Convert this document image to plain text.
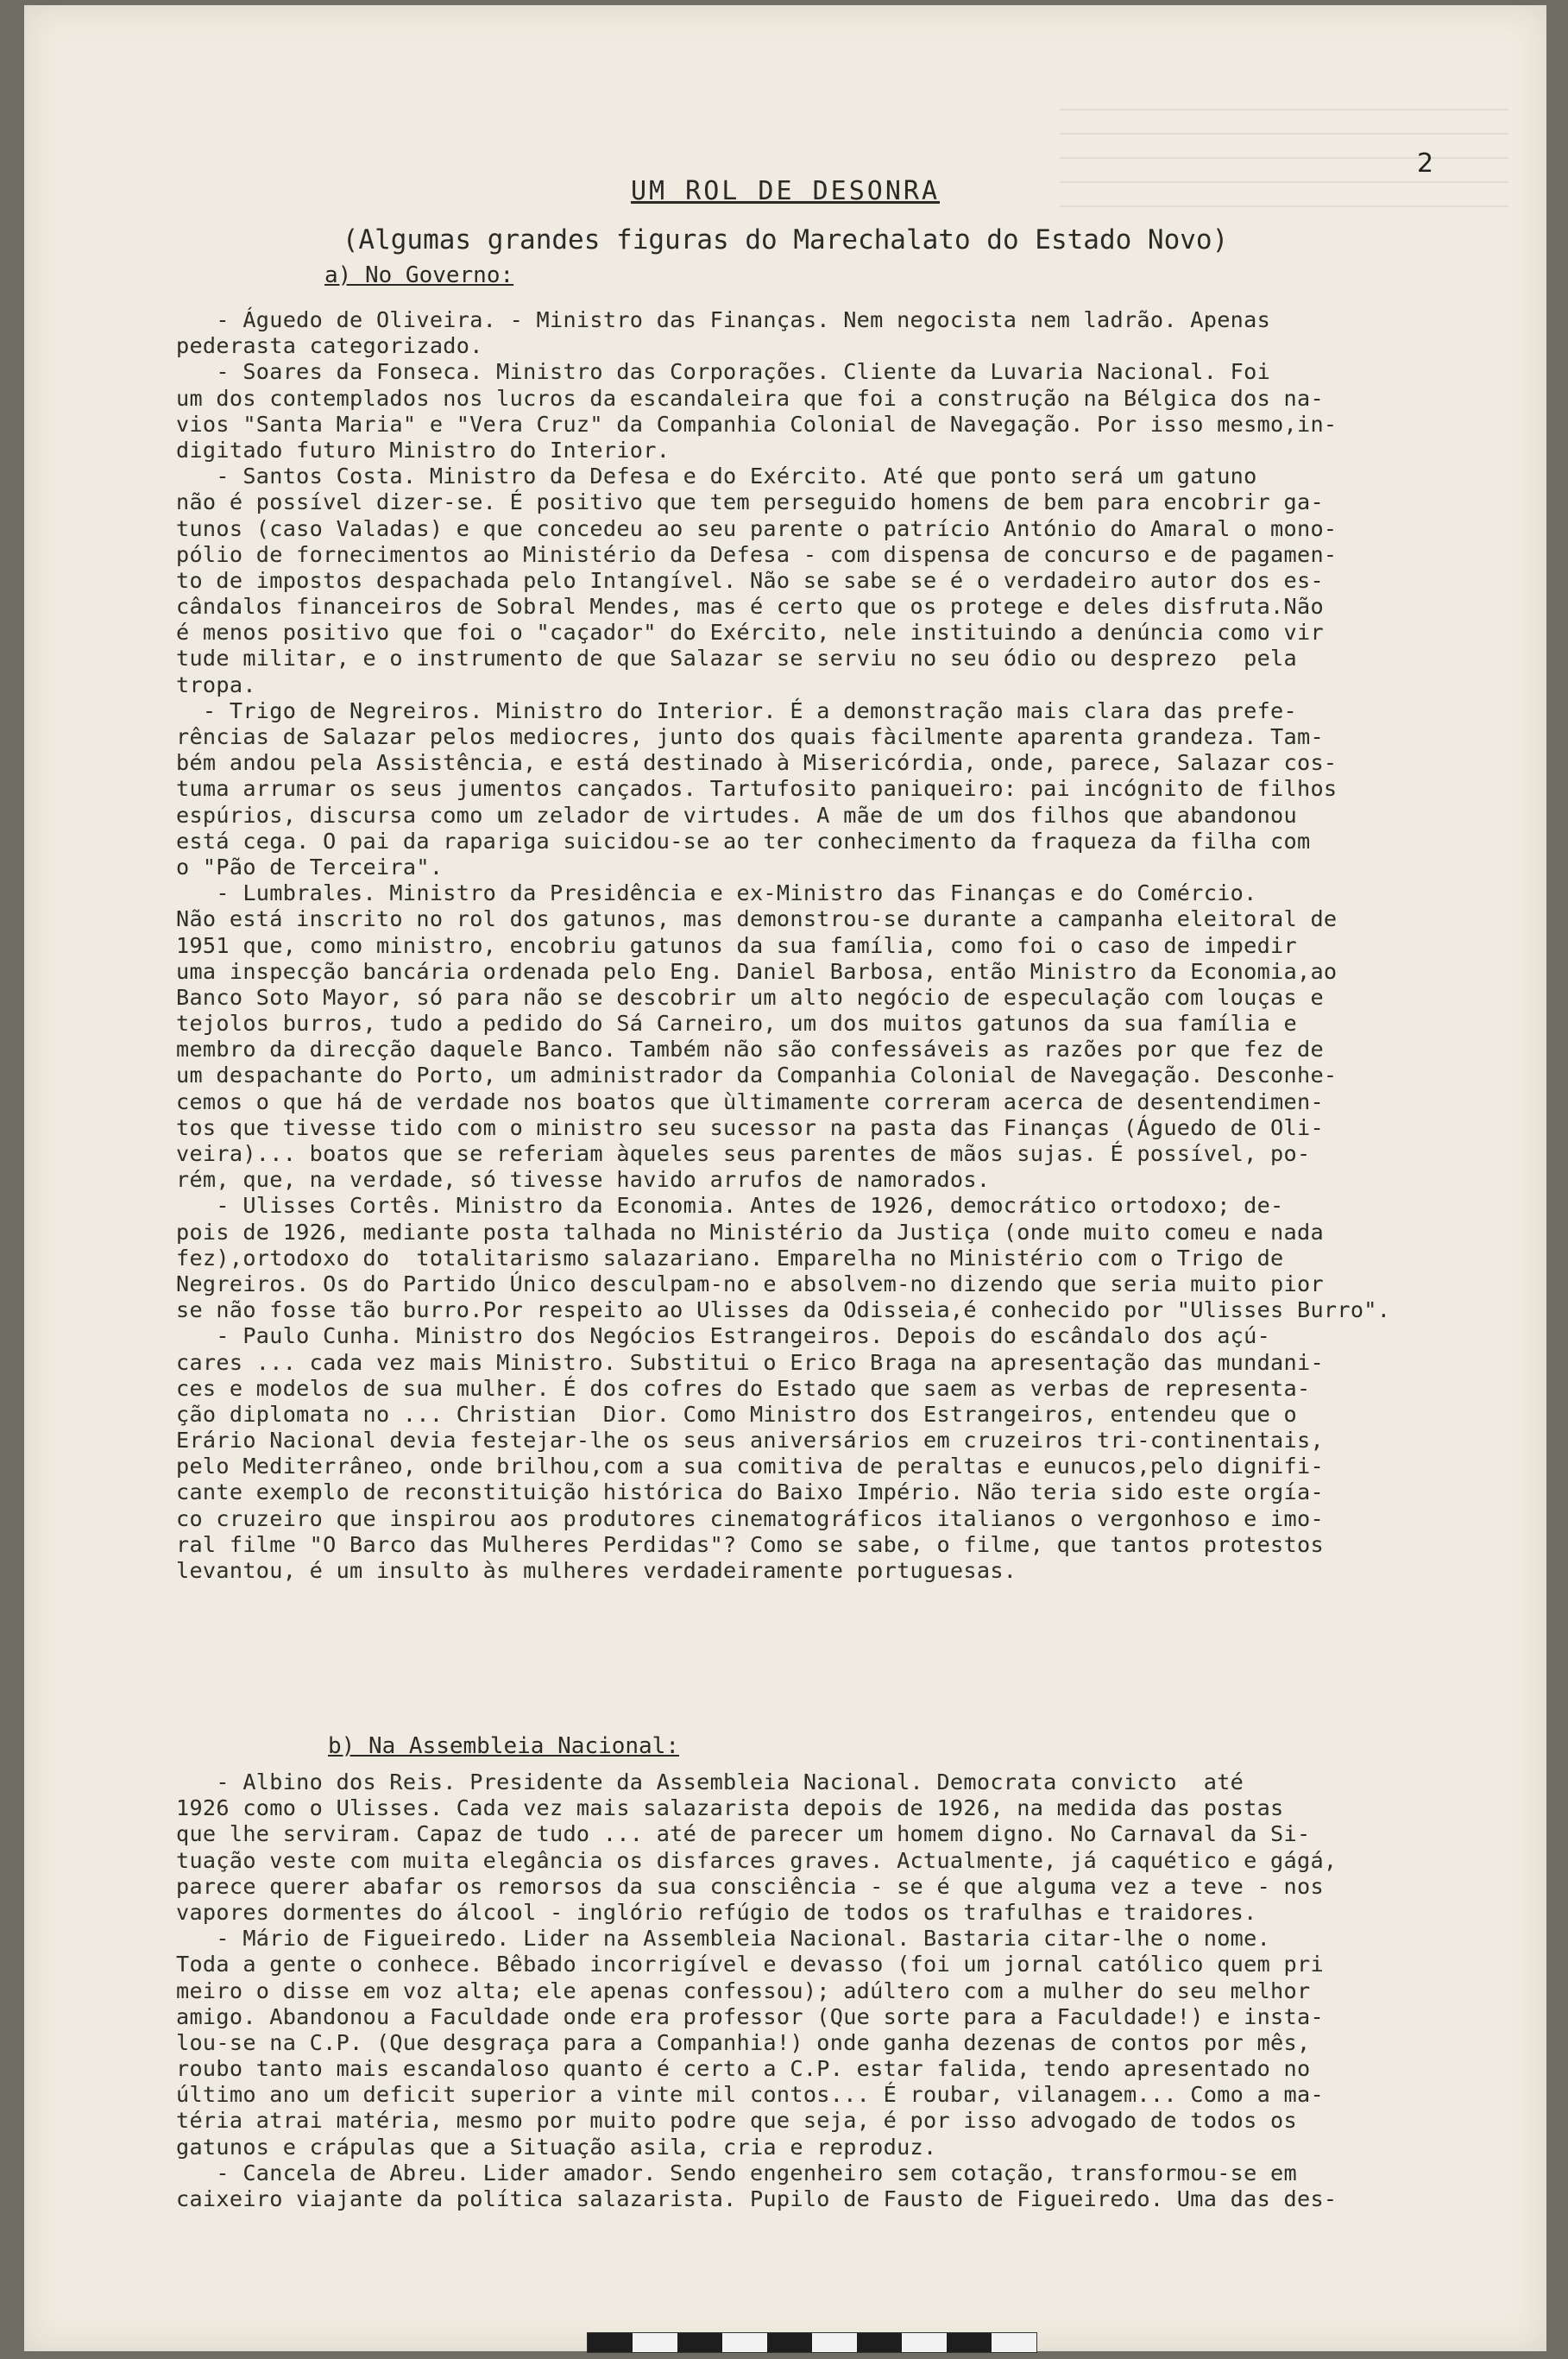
2
UM ROL DE DESONRA
(Algumas grandes figuras do Marechalato do Estado Novo)
a) No Governo:
- Águedo de Oliveira. - Ministro das Finanças. Nem negocista nem ladrão. Apenas
pederasta categorizado.
- Soares da Fonseca. Ministro das Corporações. Cliente da Luvaria Nacional. Foi
um dos contemplados nos lucros da escandaleira que foi a construção na Bélgica dos na-
vios "Santa Maria" e "Vera Cruz" da Companhia Colonial de Navegação. Por isso mesmo,in-
digitado futuro Ministro do Interior.
- Santos Costa. Ministro da Defesa e do Exército. Até que ponto será um gatuno
não é possível dizer-se. É positivo que tem perseguido homens de bem para encobrir ga-
tunos (caso Valadas) e que concedeu ao seu parente o patrício António do Amaral o mono-
pólio de fornecimentos ao Ministério da Defesa - com dispensa de concurso e de pagamen-
to de impostos despachada pelo Intangível. Não se sabe se é o verdadeiro autor dos es-
cândalos financeiros de Sobral Mendes, mas é certo que os protege e deles disfruta.Não
é menos positivo que foi o "caçador" do Exército, nele instituindo a denúncia como vir
tude militar, e o instrumento de que Salazar se serviu no seu ódio ou desprezo  pela
tropa.
- Trigo de Negreiros. Ministro do Interior. É a demonstração mais clara das prefe-
rências de Salazar pelos mediocres, junto dos quais fàcilmente aparenta grandeza. Tam-
bém andou pela Assistência, e está destinado à Misericórdia, onde, parece, Salazar cos-
tuma arrumar os seus jumentos cançados. Tartufosito paniqueiro: pai incógnito de filhos
espúrios, discursa como um zelador de virtudes. A mãe de um dos filhos que abandonou
está cega. O pai da rapariga suicidou-se ao ter conhecimento da fraqueza da filha com
o "Pão de Terceira".
- Lumbrales. Ministro da Presidência e ex-Ministro das Finanças e do Comércio.
Não está inscrito no rol dos gatunos, mas demonstrou-se durante a campanha eleitoral de
1951 que, como ministro, encobriu gatunos da sua família, como foi o caso de impedir
uma inspecção bancária ordenada pelo Eng. Daniel Barbosa, então Ministro da Economia,ao
Banco Soto Mayor, só para não se descobrir um alto negócio de especulação com louças e
tejolos burros, tudo a pedido do Sá Carneiro, um dos muitos gatunos da sua família e
membro da direcção daquele Banco. Também não são confessáveis as razões por que fez de
um despachante do Porto, um administrador da Companhia Colonial de Navegação. Desconhe-
cemos o que há de verdade nos boatos que ùltimamente correram acerca de desentendimen-
tos que tivesse tido com o ministro seu sucessor na pasta das Finanças (Águedo de Oli-
veira)... boatos que se referiam àqueles seus parentes de mãos sujas. É possível, po-
rém, que, na verdade, só tivesse havido arrufos de namorados.
- Ulisses Cortês. Ministro da Economia. Antes de 1926, democrático ortodoxo; de-
pois de 1926, mediante posta talhada no Ministério da Justiça (onde muito comeu e nada
fez),ortodoxo do  totalitarismo salazariano. Emparelha no Ministério com o Trigo de
Negreiros. Os do Partido Único desculpam-no e absolvem-no dizendo que seria muito pior
se não fosse tão burro.Por respeito ao Ulisses da Odisseia,é conhecido por "Ulisses Burro".
- Paulo Cunha. Ministro dos Negócios Estrangeiros. Depois do escândalo dos açú-
cares ... cada vez mais Ministro. Substitui o Erico Braga na apresentação das mundani-
ces e modelos de sua mulher. É dos cofres do Estado que saem as verbas de representa-
ção diplomata no ... Christian  Dior. Como Ministro dos Estrangeiros, entendeu que o
Erário Nacional devia festejar-lhe os seus aniversários em cruzeiros tri-continentais,
pelo Mediterrâneo, onde brilhou,com a sua comitiva de peraltas e eunucos,pelo dignifi-
cante exemplo de reconstituição histórica do Baixo Império. Não teria sido este orgía-
co cruzeiro que inspirou aos produtores cinematográficos italianos o vergonhoso e imo-
ral filme "O Barco das Mulheres Perdidas"? Como se sabe, o filme, que tantos protestos
levantou, é um insulto às mulheres verdadeiramente portuguesas.
b) Na Assembleia Nacional:
- Albino dos Reis. Presidente da Assembleia Nacional. Democrata convicto  até
1926 como o Ulisses. Cada vez mais salazarista depois de 1926, na medida das postas
que lhe serviram. Capaz de tudo ... até de parecer um homem digno. No Carnaval da Si-
tuação veste com muita elegância os disfarces graves. Actualmente, já caquético e gágá,
parece querer abafar os remorsos da sua consciência - se é que alguma vez a teve - nos
vapores dormentes do álcool - inglório refúgio de todos os trafulhas e traidores.
- Mário de Figueiredo. Lider na Assembleia Nacional. Bastaria citar-lhe o nome.
Toda a gente o conhece. Bêbado incorrigível e devasso (foi um jornal católico quem pri
meiro o disse em voz alta; ele apenas confessou); adúltero com a mulher do seu melhor
amigo. Abandonou a Faculdade onde era professor (Que sorte para a Faculdade!) e insta-
lou-se na C.P. (Que desgraça para a Companhia!) onde ganha dezenas de contos por mês,
roubo tanto mais escandaloso quanto é certo a C.P. estar falida, tendo apresentado no
último ano um deficit superior a vinte mil contos... É roubar, vilanagem... Como a ma-
téria atrai matéria, mesmo por muito podre que seja, é por isso advogado de todos os
gatunos e crápulas que a Situação asila, cria e reproduz.
- Cancela de Abreu. Lider amador. Sendo engenheiro sem cotação, transformou-se em
caixeiro viajante da política salazarista. Pupilo de Fausto de Figueiredo. Uma das des-
